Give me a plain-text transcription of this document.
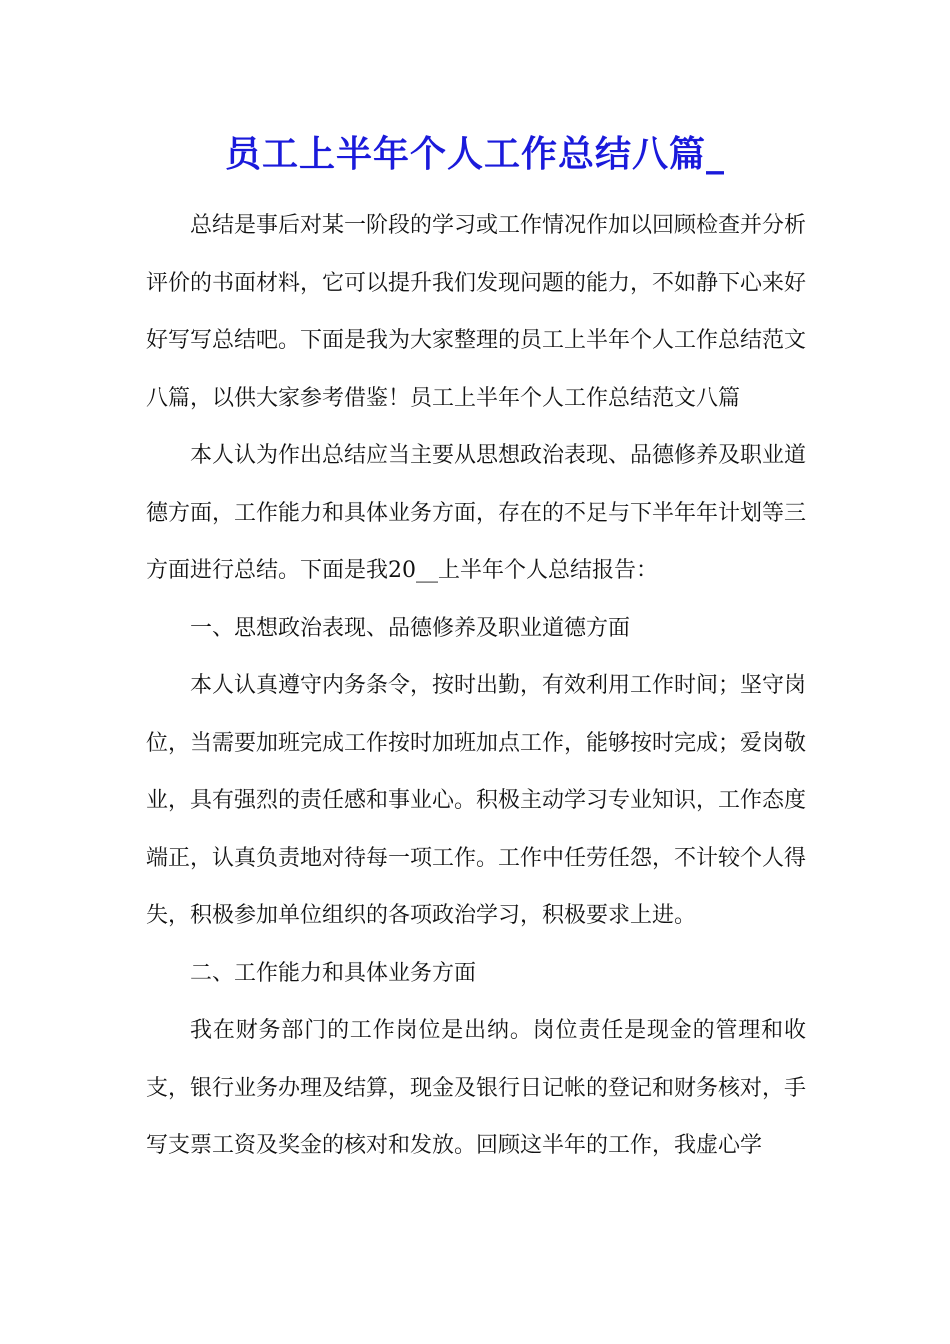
员工上半年个人工作总结八篇_

总结是事后对某一阶段的学习或工作情况作加以回顾检查并分析评价的书面材料，它可以提升我们发现问题的能力，不如静下心来好好写写总结吧。下面是我为大家整理的员工上半年个人工作总结范文八篇，以供大家参考借鉴！员工上半年个人工作总结范文八篇

本人认为作出总结应当主要从思想政治表现、品德修养及职业道德方面，工作能力和具体业务方面，存在的不足与下半年年计划等三方面进行总结。下面是我20__上半年个人总结报告：

一、思想政治表现、品德修养及职业道德方面

本人认真遵守内务条令，按时出勤，有效利用工作时间；坚守岗位，当需要加班完成工作按时加班加点工作，能够按时完成；爱岗敬业，具有强烈的责任感和事业心。积极主动学习专业知识，工作态度端正，认真负责地对待每一项工作。工作中任劳任怨，不计较个人得失，积极参加单位组织的各项政治学习，积极要求上进。

二、工作能力和具体业务方面

我在财务部门的工作岗位是出纳。岗位责任是现金的管理和收支，银行业务办理及结算，现金及银行日记帐的登记和财务核对，手写支票工资及奖金的核对和发放。回顾这半年的工作，我虚心学
